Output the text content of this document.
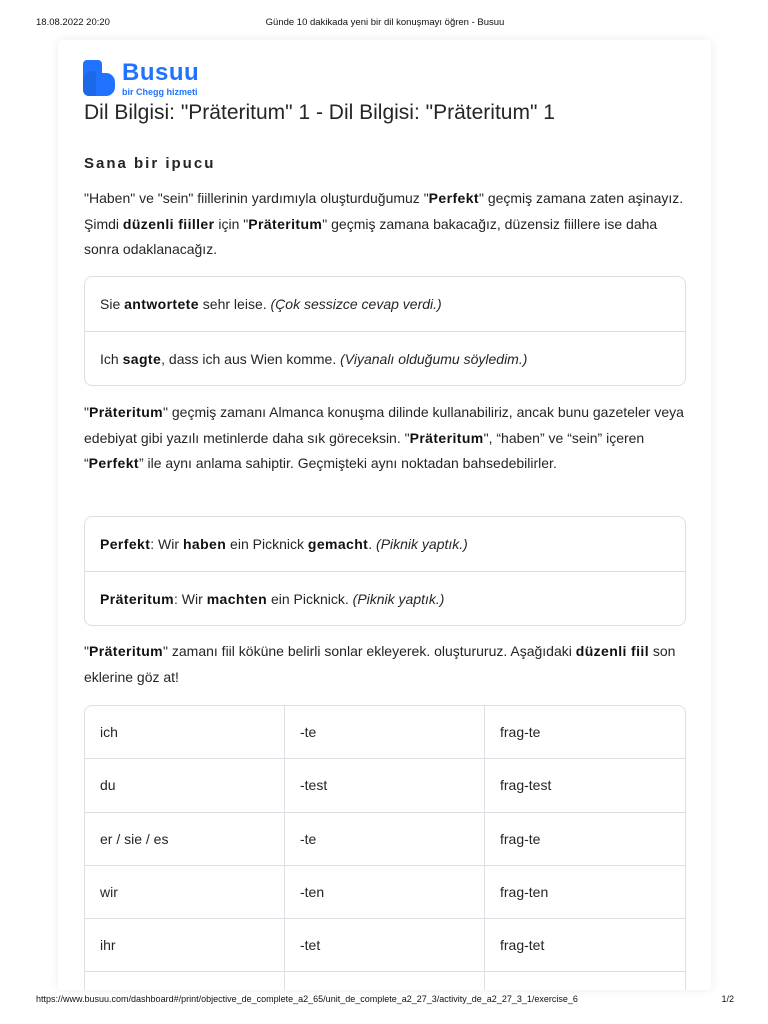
18.08.2022 20:20	Günde 10 dakikada yeni bir dil konuşmayı öğren - Busuu
Busuu
bir Chegg hizmeti
Dil Bilgisi: "Präteritum" 1 - Dil Bilgisi: "Präteritum" 1
Sana bir ipucu

"Haben" ve "sein" fiillerinin yardımıyla oluşturduğumuz "Perfekt" geçmiş zamana zaten aşinayız. Şimdi düzenli fiiller için "Präteritum" geçmiş zamana bakacağız, düzensiz fiillere ise daha sonra odaklanacağız.

Sie antwortete sehr leise. (Çok sessizce cevap verdi.)
Ich sagte, dass ich aus Wien komme. (Viyanalı olduğumu söyledim.)

"Präteritum" geçmiş zamanı Almanca konuşma dilinde kullanabiliriz, ancak bunu gazeteler veya edebiyat gibi yazılı metinlerde daha sık göreceksin. "Präteritum", “haben” ve “sein” içeren “Perfekt” ile aynı anlama sahiptir. Geçmişteki aynı noktadan bahsedebilirler.

Perfekt: Wir haben ein Picknick gemacht. (Piknik yaptık.)
Präteritum: Wir machten ein Picknick. (Piknik yaptık.)

"Präteritum" zamanı fiil köküne belirli sonlar ekleyerek. oluştururuz. Aşağıdaki düzenli fiil son eklerine göz at!

ich	-te	frag-te
du	-test	frag-test
er / sie / es	-te	frag-te
wir	-ten	frag-ten
ihr	-tet	frag-tet
https://www.busuu.com/dashboard#/print/objective_de_complete_a2_65/unit_de_complete_a2_27_3/activity_de_a2_27_3_1/exercise_6	1/2
